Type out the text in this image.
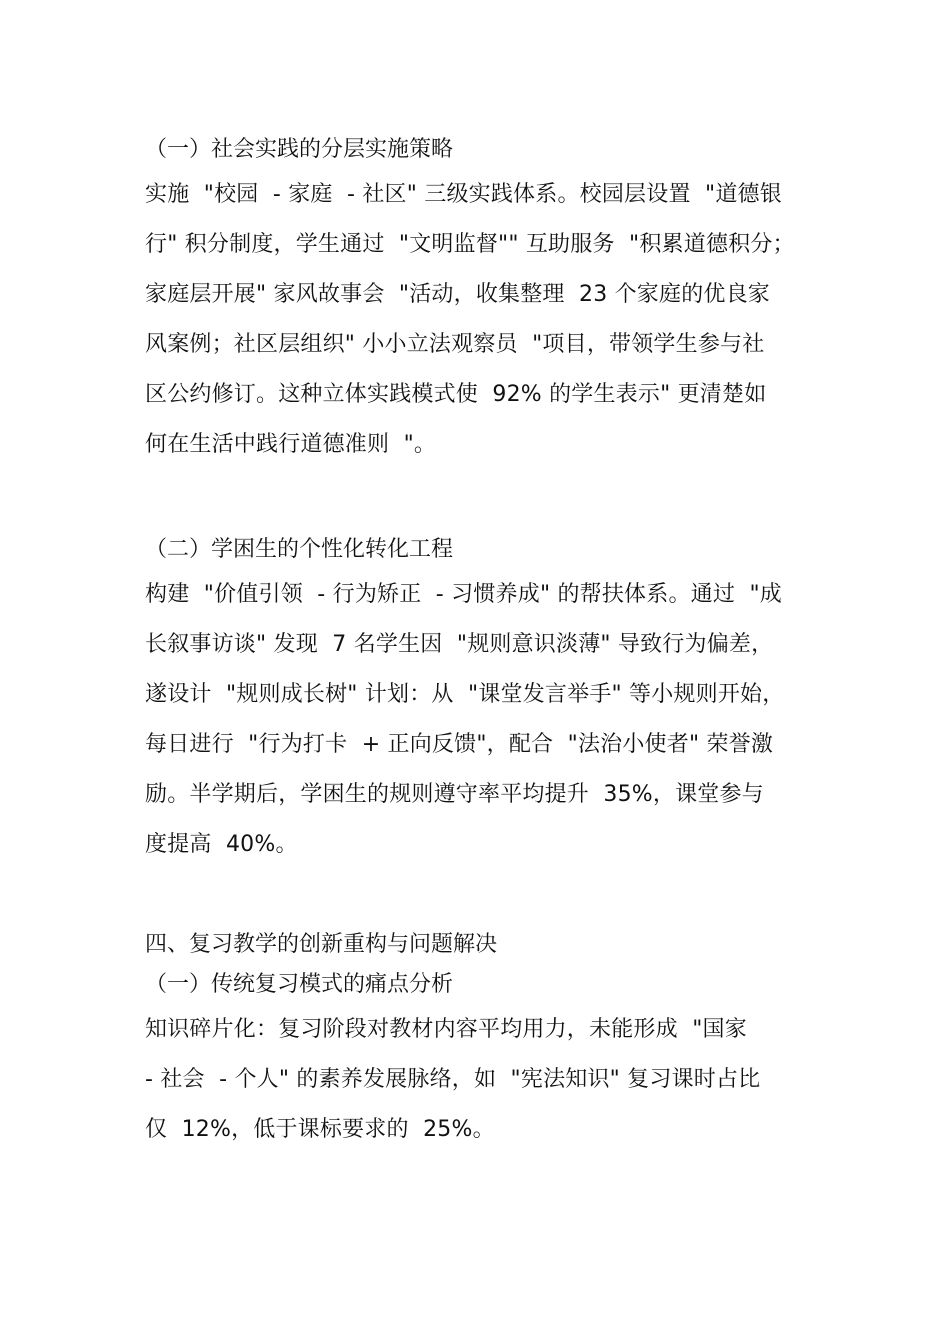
（一）社会实践的分层实施策略
实施  "校园  - 家庭  - 社区" 三级实践体系。校园层设置  "道德银
行" 积分制度，学生通过  "文明监督"" 互助服务  "积累道德积分；
家庭层开展" 家风故事会  "活动，收集整理  23 个家庭的优良家
风案例；社区层组织" 小小立法观察员  "项目，带领学生参与社
区公约修订。这种立体实践模式使  92% 的学生表示" 更清楚如
何在生活中践行道德准则  "。
（二）学困生的个性化转化工程
构建  "价值引领  - 行为矫正  - 习惯养成" 的帮扶体系。通过  "成
长叙事访谈" 发现  7 名学生因  "规则意识淡薄" 导致行为偏差，
遂设计  "规则成长树" 计划：从  "课堂发言举手" 等小规则开始，
每日进行  "行为打卡  + 正向反馈"，配合  "法治小使者" 荣誉激
励。半学期后，学困生的规则遵守率平均提升  35%，课堂参与
度提高  40%。
四、复习教学的创新重构与问题解决
（一）传统复习模式的痛点分析
知识碎片化：复习阶段对教材内容平均用力，未能形成  "国家
- 社会  - 个人" 的素养发展脉络，如  "宪法知识" 复习课时占比
仅  12%，低于课标要求的  25%。
